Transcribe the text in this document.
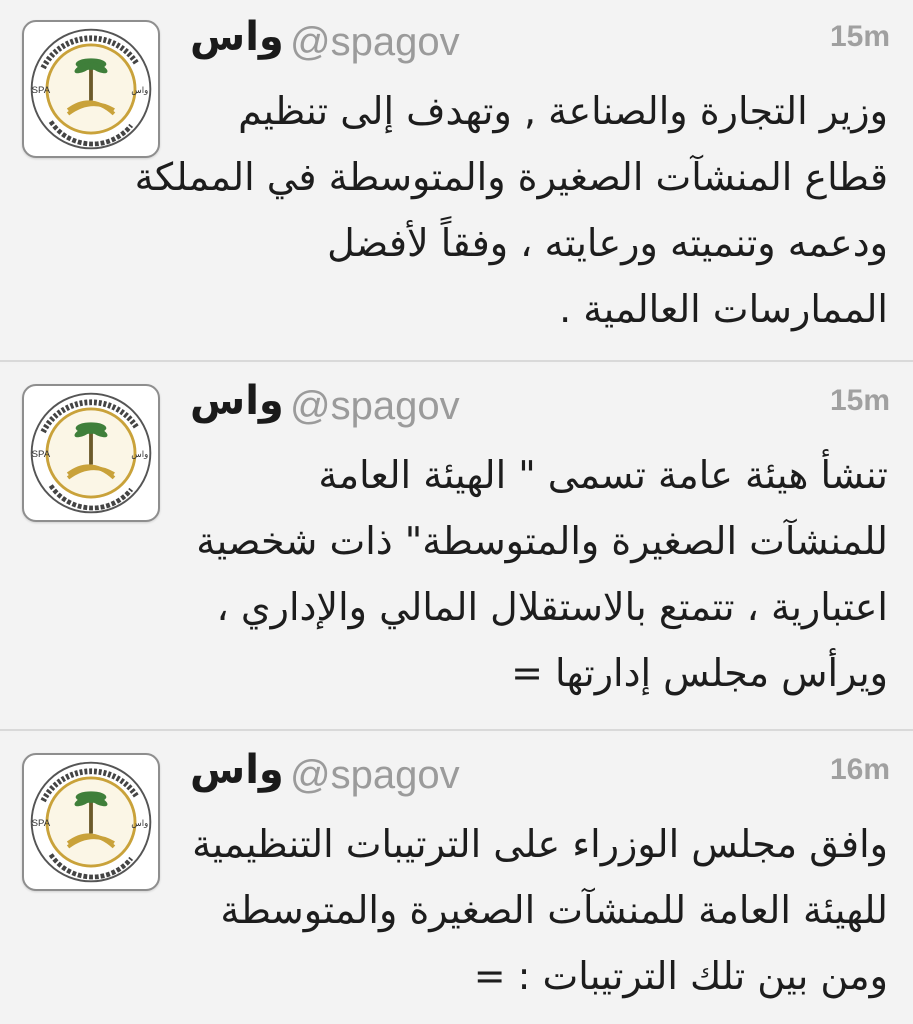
SPA	واس
واس @spagov	15m
وزير التجارة والصناعة , وتهدف إلى تنظيم
قطاع المنشآت الصغيرة والمتوسطة في المملكة
ودعمه وتنميته ورعايته ، وفقاً لأفضل
الممارسات العالمية .
SPA	واس
واس @spagov	15m
تنشأ هيئة عامة تسمى " الهيئة العامة
للمنشآت الصغيرة والمتوسطة" ذات شخصية
اعتبارية ، تتمتع بالاستقلال المالي والإداري ،
ويرأس مجلس إدارتها =
SPA	واس
واس @spagov	16m
وافق مجلس الوزراء على الترتيبات التنظيمية
للهيئة العامة للمنشآت الصغيرة والمتوسطة
ومن بين تلك الترتيبات : =
